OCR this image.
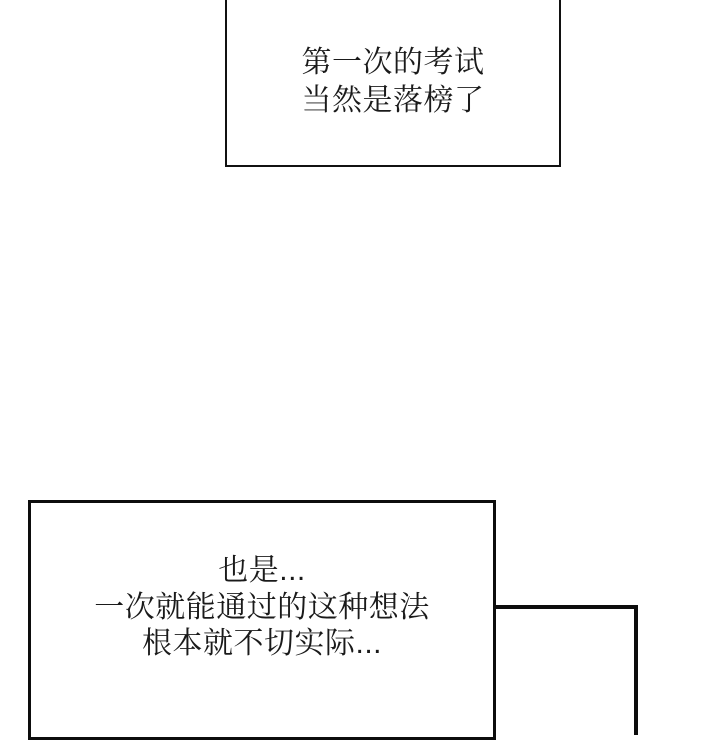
第一次的考试
当然是落榜了
也是...
一次就能通过的这种想法
根本就不切实际...
